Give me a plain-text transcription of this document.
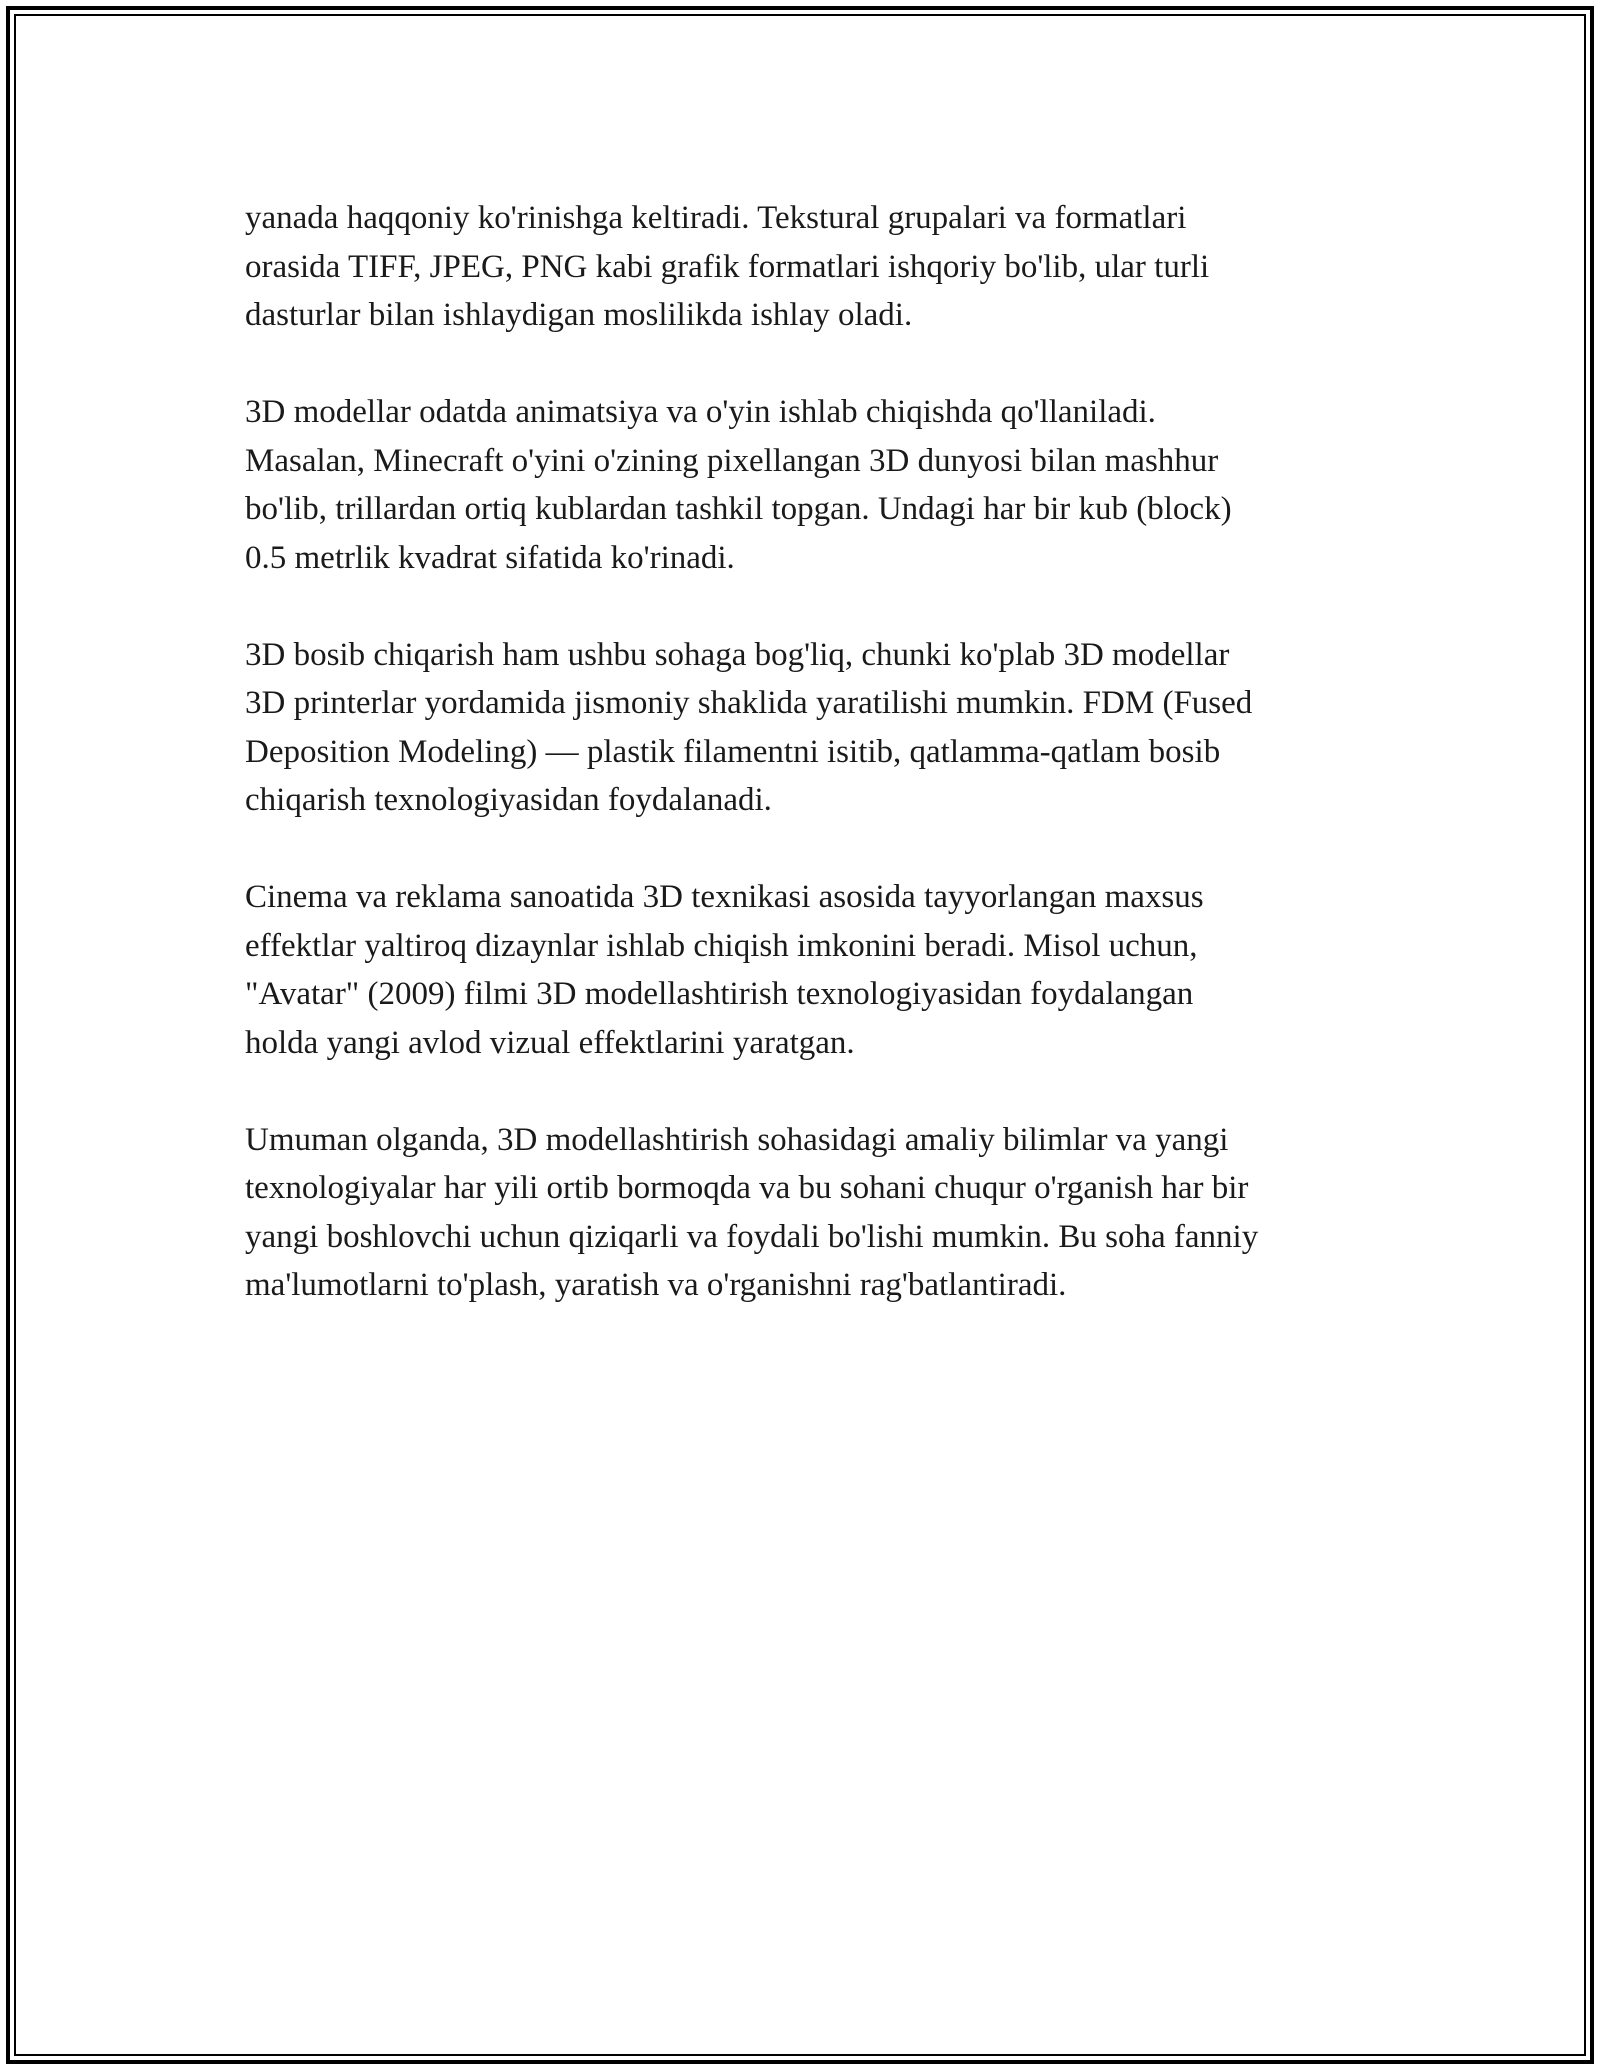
yanada haqqoniy ko'rinishga keltiradi. Tekstural grupalari va formatlari
orasida TIFF, JPEG, PNG kabi grafik formatlari ishqoriy bo'lib, ular turli
dasturlar bilan ishlaydigan moslilikda ishlay oladi.

3D modellar odatda animatsiya va o'yin ishlab chiqishda qo'llaniladi.
Masalan, Minecraft o'yini o'zining pixellangan 3D dunyosi bilan mashhur
bo'lib, trillardan ortiq kublardan tashkil topgan. Undagi har bir kub (block)
0.5 metrlik kvadrat sifatida ko'rinadi.

3D bosib chiqarish ham ushbu sohaga bog'liq, chunki ko'plab 3D modellar
3D printerlar yordamida jismoniy shaklida yaratilishi mumkin. FDM (Fused
Deposition Modeling) — plastik filamentni isitib, qatlamma-qatlam bosib
chiqarish texnologiyasidan foydalanadi.

Cinema va reklama sanoatida 3D texnikasi asosida tayyorlangan maxsus
effektlar yaltiroq dizaynlar ishlab chiqish imkonini beradi. Misol uchun,
"Avatar" (2009) filmi 3D modellashtirish texnologiyasidan foydalangan
holda yangi avlod vizual effektlarini yaratgan.

Umuman olganda, 3D modellashtirish sohasidagi amaliy bilimlar va yangi
texnologiyalar har yili ortib bormoqda va bu sohani chuqur o'rganish har bir
yangi boshlovchi uchun qiziqarli va foydali bo'lishi mumkin. Bu soha fanniy
ma'lumotlarni to'plash, yaratish va o'rganishni rag'batlantiradi.
